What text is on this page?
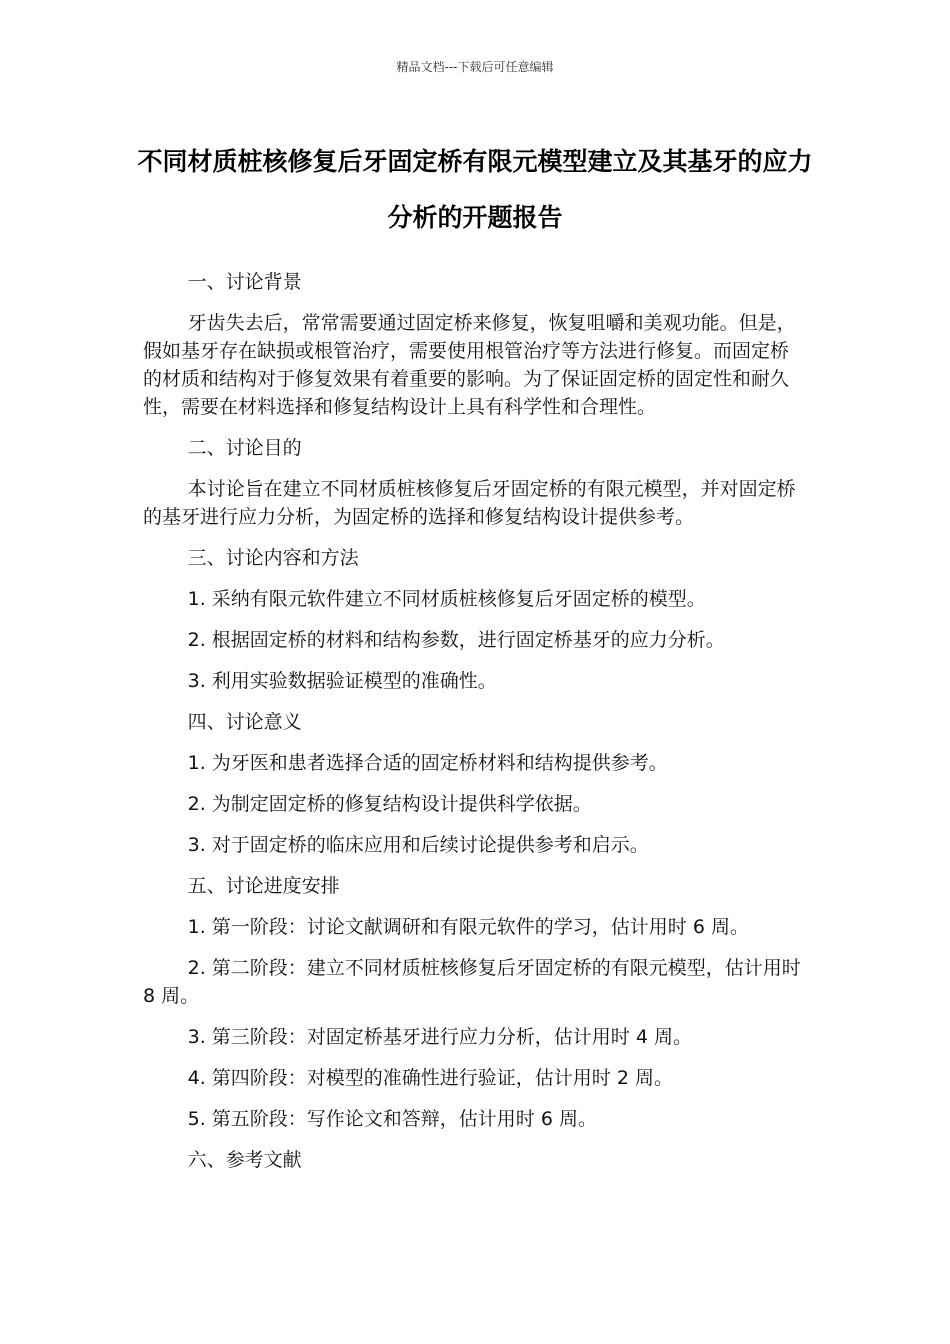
精品文档---下载后可任意编辑
不同材质桩核修复后牙固定桥有限元模型建立及其基牙的应力分析的开题报告

一、讨论背景

牙齿失去后，常常需要通过固定桥来修复，恢复咀嚼和美观功能。但是，假如基牙存在缺损或根管治疗，需要使用根管治疗等方法进行修复。而固定桥的材质和结构对于修复效果有着重要的影响。为了保证固定桥的固定性和耐久性，需要在材料选择和修复结构设计上具有科学性和合理性。

二、讨论目的

本讨论旨在建立不同材质桩核修复后牙固定桥的有限元模型，并对固定桥的基牙进行应力分析，为固定桥的选择和修复结构设计提供参考。

三、讨论内容和方法

1. 采纳有限元软件建立不同材质桩核修复后牙固定桥的模型。

2. 根据固定桥的材料和结构参数，进行固定桥基牙的应力分析。

3. 利用实验数据验证模型的准确性。

四、讨论意义

1. 为牙医和患者选择合适的固定桥材料和结构提供参考。

2. 为制定固定桥的修复结构设计提供科学依据。

3. 对于固定桥的临床应用和后续讨论提供参考和启示。

五、讨论进度安排

1. 第一阶段：讨论文献调研和有限元软件的学习，估计用时 6 周。

2. 第二阶段：建立不同材质桩核修复后牙固定桥的有限元模型，估计用时 8 周。

3. 第三阶段：对固定桥基牙进行应力分析，估计用时 4 周。

4. 第四阶段：对模型的准确性进行验证，估计用时 2 周。

5. 第五阶段：写作论文和答辩，估计用时 6 周。

六、参考文献
